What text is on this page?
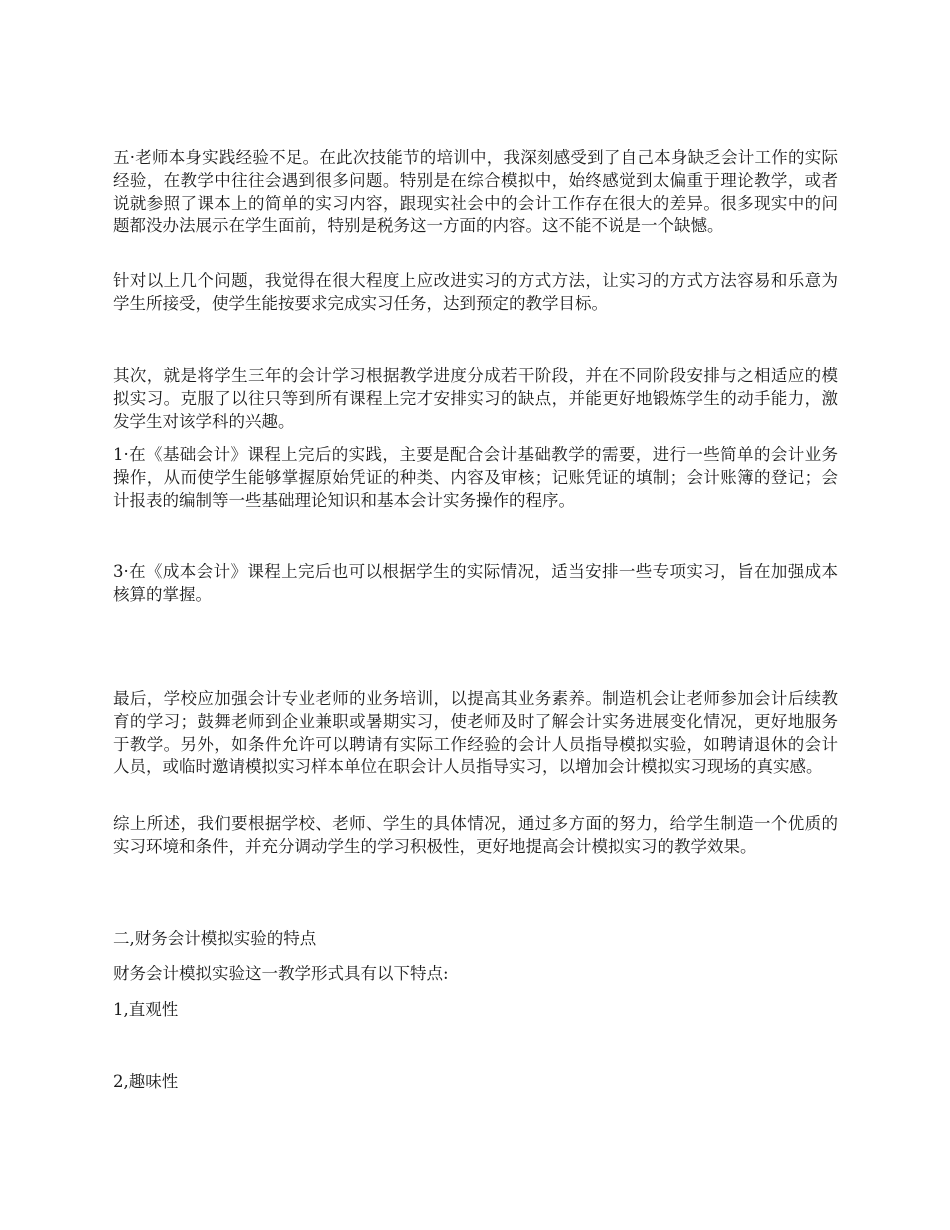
五·老师本身实践经验不足。在此次技能节的培训中，我深刻感受到了自己本身缺乏会计工作的实际经验，在教学中往往会遇到很多问题。特别是在综合模拟中，始终感觉到太偏重于理论教学，或者说就参照了课本上的简单的实习内容，跟现实社会中的会计工作存在很大的差异。很多现实中的问题都没办法展示在学生面前，特别是税务这一方面的内容。这不能不说是一个缺憾。

针对以上几个问题，我觉得在很大程度上应改进实习的方式方法，让实习的方式方法容易和乐意为学生所接受，使学生能按要求完成实习任务，达到预定的教学目标。

其次，就是将学生三年的会计学习根据教学进度分成若干阶段，并在不同阶段安排与之相适应的模拟实习。克服了以往只等到所有课程上完才安排实习的缺点，并能更好地锻炼学生的动手能力，激发学生对该学科的兴趣。

1·在《基础会计》课程上完后的实践，主要是配合会计基础教学的需要，进行一些简单的会计业务操作，从而使学生能够掌握原始凭证的种类、内容及审核；记账凭证的填制；会计账簿的登记；会计报表的编制等一些基础理论知识和基本会计实务操作的程序。

3·在《成本会计》课程上完后也可以根据学生的实际情况，适当安排一些专项实习，旨在加强成本核算的掌握。

最后，学校应加强会计专业老师的业务培训，以提高其业务素养。制造机会让老师参加会计后续教育的学习；鼓舞老师到企业兼职或暑期实习，使老师及时了解会计实务进展变化情况，更好地服务于教学。另外，如条件允许可以聘请有实际工作经验的会计人员指导模拟实验，如聘请退休的会计人员，或临时邀请模拟实习样本单位在职会计人员指导实习，以增加会计模拟实习现场的真实感。

综上所述，我们要根据学校、老师、学生的具体情况，通过多方面的努力，给学生制造一个优质的实习环境和条件，并充分调动学生的学习积极性，更好地提高会计模拟实习的教学效果。

二,财务会计模拟实验的特点

财务会计模拟实验这一教学形式具有以下特点:

1,直观性

2,趣味性
